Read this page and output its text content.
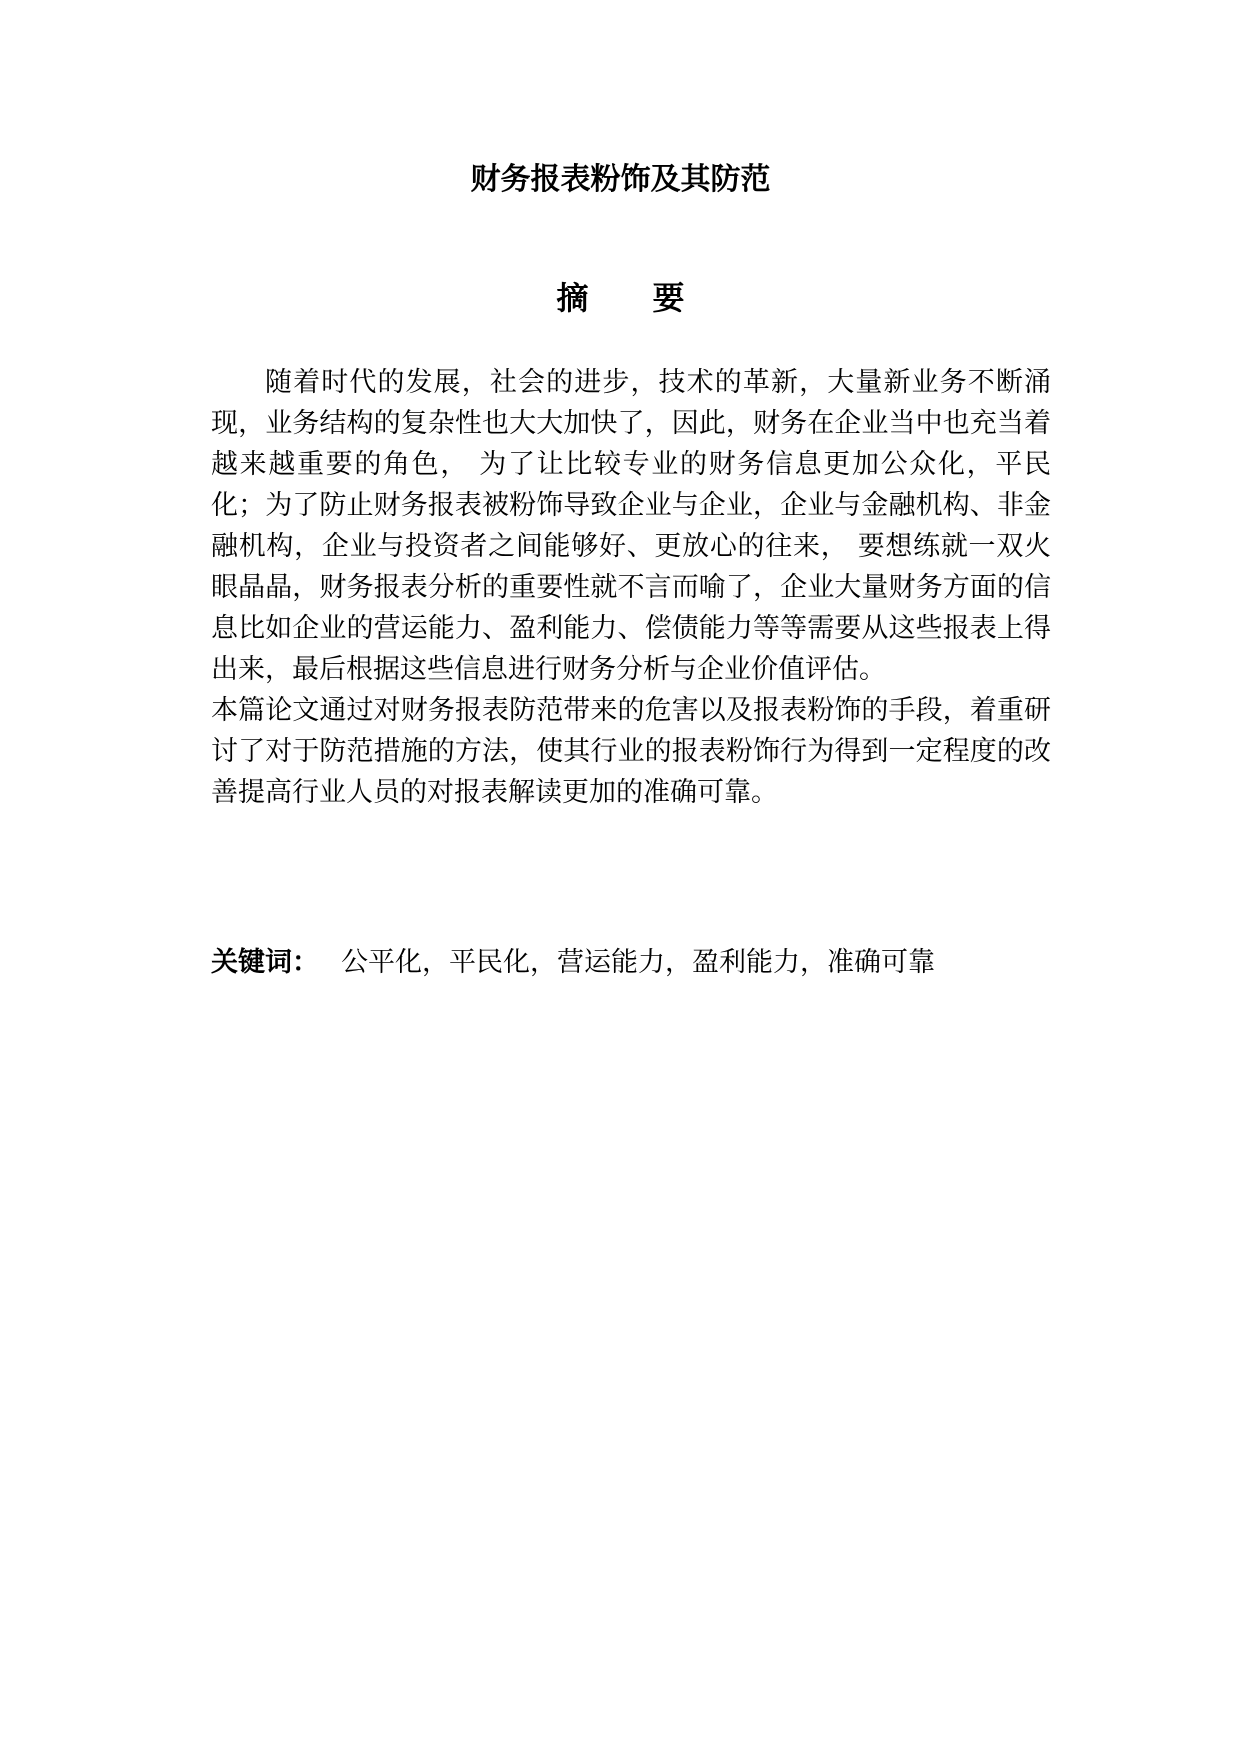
财务报表粉饰及其防范
摘要

随着时代的发展，社会的进步，技术的革新，大量新业务不断涌现，业务结构的复杂性也大大加快了，因此，财务在企业当中也充当着越来越重要的角色， 为了让比较专业的财务信息更加公众化，平民化；为了防止财务报表被粉饰导致企业与企业，企业与金融机构、非金融机构，企业与投资者之间能够好、更放心的往来， 要想练就一双火眼晶晶，财务报表分析的重要性就不言而喻了，企业大量财务方面的信息比如企业的营运能力、盈利能力、偿债能力等等需要从这些报表上得出来，最后根据这些信息进行财务分析与企业价值评估。

本篇论文通过对财务报表防范带来的危害以及报表粉饰的手段，着重研讨了对于防范措施的方法，使其行业的报表粉饰行为得到一定程度的改善提高行业人员的对报表解读更加的准确可靠。

关键词： 公平化，平民化，营运能力，盈利能力，准确可靠
